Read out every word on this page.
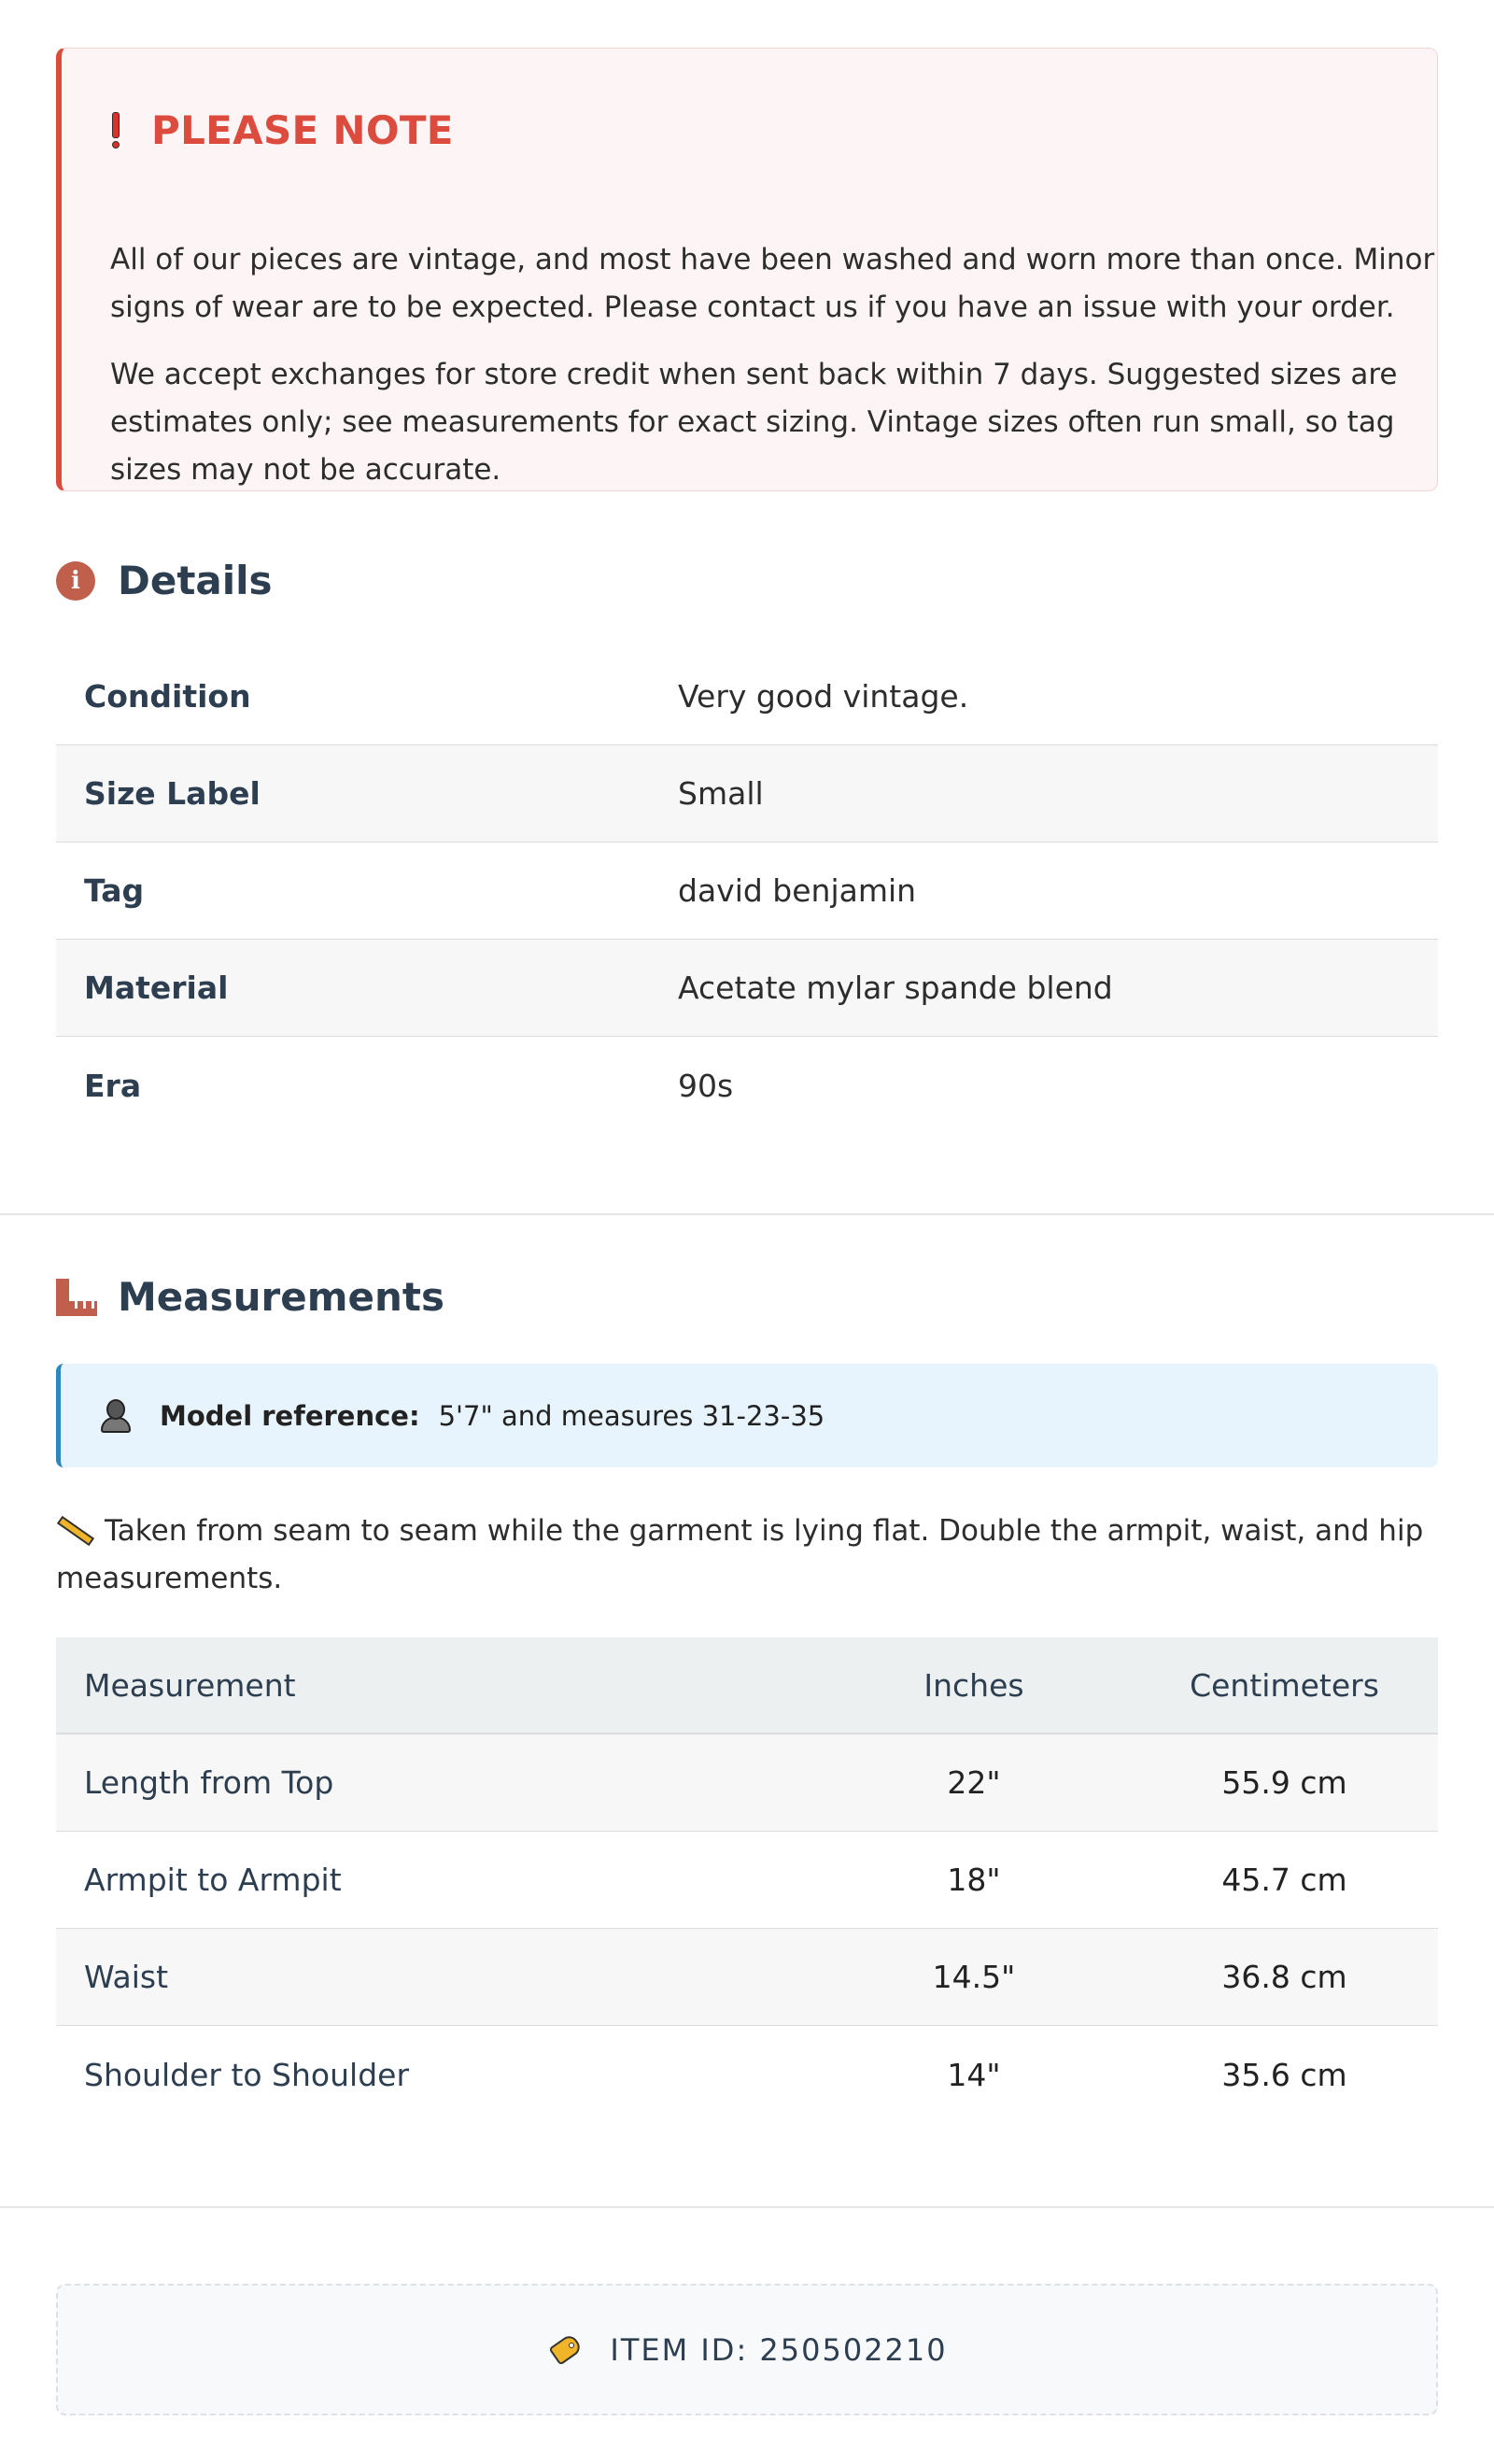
PLEASE NOTE

All of our pieces are vintage, and most have been washed and worn more than once. Minor signs of wear are to be expected. Please contact us if you have an issue with your order.

We accept exchanges for store credit when sent back within 7 days. Suggested sizes are estimates only; see measurements for exact sizing. Vintage sizes often run small, so tag sizes may not be accurate.

i Details
Condition	Very good vintage.
Size Label	Small
Tag	david benjamin
Material	Acetate mylar spande blend
Era	90s
Measurements
Model reference: 5'7" and measures 31-23-35

Taken from seam to seam while the garment is lying flat. Double the armpit, waist, and hip measurements.

Measurement	Inches	Centimeters
Length from Top	22"	55.9 cm
Armpit to Armpit	18"	45.7 cm
Waist	14.5"	36.8 cm
Shoulder to Shoulder	14"	35.6 cm
ITEM ID: 250502210
